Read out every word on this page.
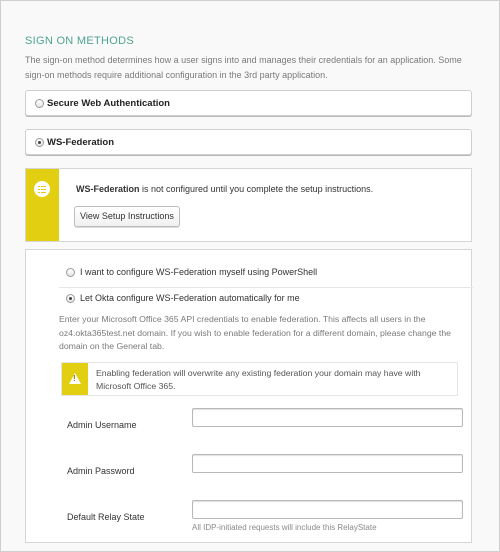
SIGN ON METHODS
The sign-on method determines how a user signs into and manages their credentials for an application. Some sign-on methods require additional configuration in the 3rd party application.
Secure Web Authentication
WS-Federation
WS-Federation is not configured until you complete the setup instructions.
View Setup Instructions
I want to configure WS-Federation myself using PowerShell
Let Okta configure WS-Federation automatically for me
Enter your Microsoft Office 365 API credentials to enable federation. This affects all users in the oz4.okta365test.net domain. If you wish to enable federation for a different domain, please change the domain on the General tab.
!
Enabling federation will overwrite any existing federation your domain may have with Microsoft Office 365.
Admin Username
Admin Password
Default Relay State
All IDP-initiated requests will include this RelayState
